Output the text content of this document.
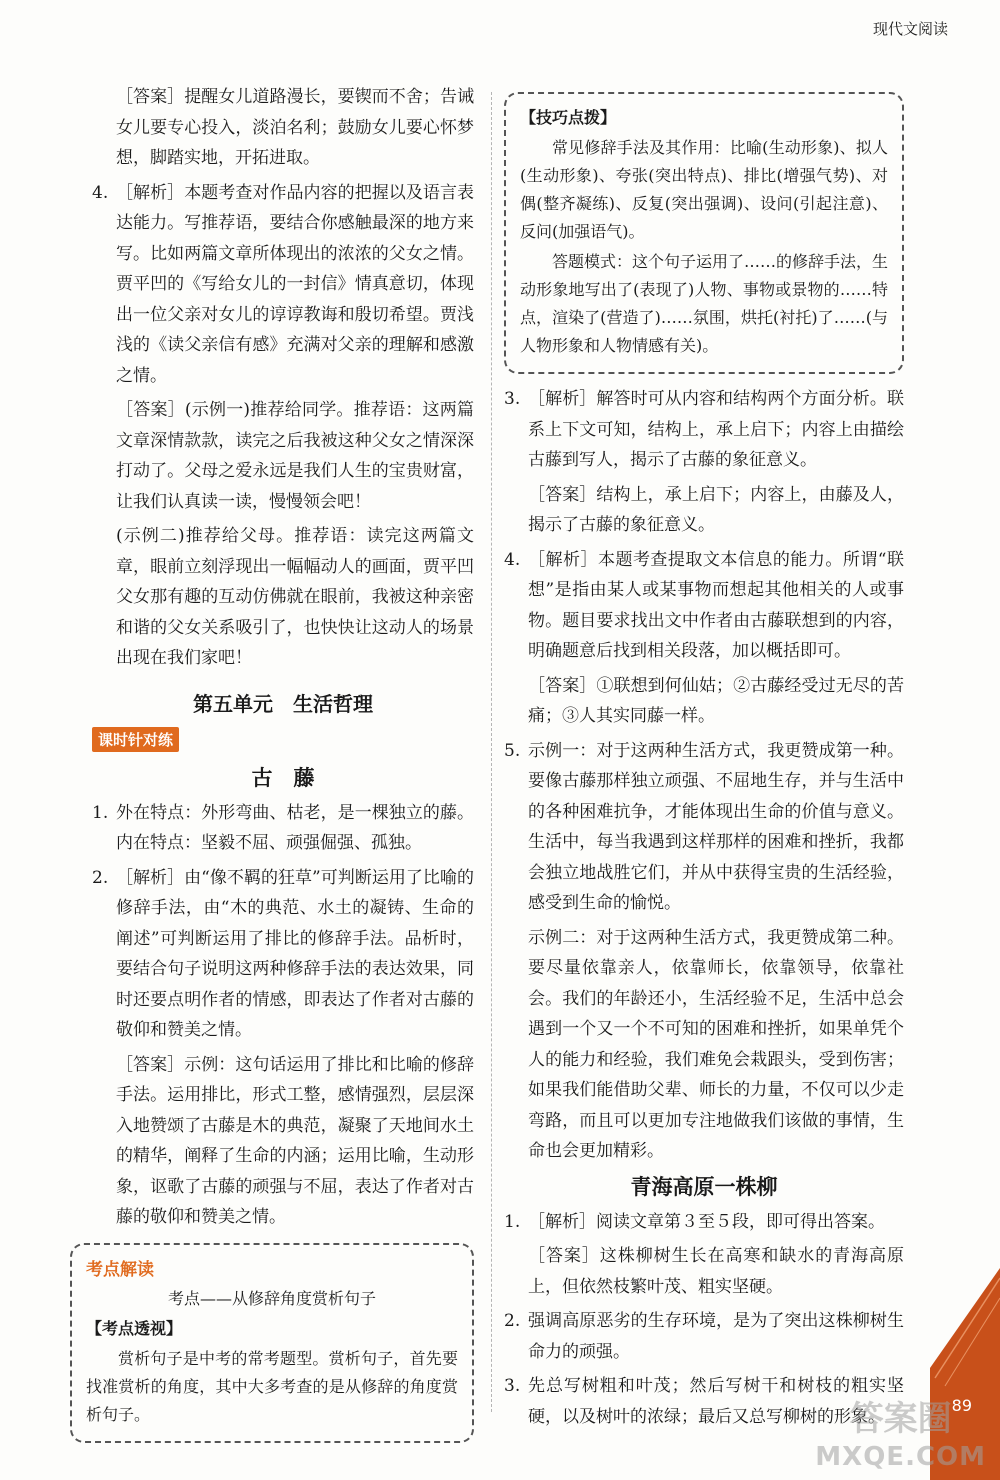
现代文阅读

［答案］提醒女儿道路漫长，要锲而不舍；告诫女儿要专心投入，淡泊名利；鼓励女儿要心怀梦想，脚踏实地，开拓进取。

4. ［解析］本题考查对作品内容的把握以及语言表达能力。写推荐语，要结合你感触最深的地方来写。比如两篇文章所体现出的浓浓的父女之情。贾平凹的《写给女儿的一封信》情真意切，体现出一位父亲对女儿的谆谆教诲和殷切希望。贾浅浅的《读父亲信有感》充满对父亲的理解和感激之情。

［答案］(示例一)推荐给同学。推荐语：这两篇文章深情款款，读完之后我被这种父女之情深深打动了。父母之爱永远是我们人生的宝贵财富，让我们认真读一读，慢慢领会吧！

(示例二)推荐给父母。推荐语：读完这两篇文章，眼前立刻浮现出一幅幅动人的画面，贾平凹父女那有趣的互动仿佛就在眼前，我被这种亲密和谐的父女关系吸引了，也快快让这动人的场景出现在我们家吧！

第五单元　生活哲理
课时针对练
古　藤
1. 外在特点：外形弯曲、枯老，是一棵独立的藤。内在特点：坚毅不屈、顽强倔强、孤独。

2. ［解析］由“像不羁的狂草”可判断运用了比喻的修辞手法，由“木的典范、水土的凝铸、生命的阐述”可判断运用了排比的修辞手法。品析时，要结合句子说明这两种修辞手法的表达效果，同时还要点明作者的情感，即表达了作者对古藤的敬仰和赞美之情。

［答案］示例：这句话运用了排比和比喻的修辞手法。运用排比，形式工整，感情强烈，层层深入地赞颂了古藤是木的典范，凝聚了天地间水土的精华，阐释了生命的内涵；运用比喻，生动形象，讴歌了古藤的顽强与不屈，表达了作者对古藤的敬仰和赞美之情。

考点解读
考点——从修辞角度赏析句子
【考点透视】

赏析句子是中考的常考题型。赏析句子，首先要找准赏析的角度，其中大多考查的是从修辞的角度赏析句子。

【技巧点拨】

常见修辞手法及其作用：比喻(生动形象)、拟人(生动形象)、夸张(突出特点)、排比(增强气势)、对偶(整齐凝练)、反复(突出强调)、设问(引起注意)、反问(加强语气)。

答题模式：这个句子运用了……的修辞手法，生动形象地写出了(表现了)人物、事物或景物的……特点，渲染了(营造了)……氛围，烘托(衬托)了……(与人物形象和人物情感有关)。

3. ［解析］解答时可从内容和结构两个方面分析。联系上下文可知，结构上，承上启下；内容上由描绘古藤到写人，揭示了古藤的象征意义。

［答案］结构上，承上启下；内容上，由藤及人，揭示了古藤的象征意义。

4. ［解析］本题考查提取文本信息的能力。所谓“联想”是指由某人或某事物而想起其他相关的人或事物。题目要求找出文中作者由古藤联想到的内容，明确题意后找到相关段落，加以概括即可。

［答案］①联想到何仙姑；②古藤经受过无尽的苦痛；③人其实同藤一样。

5. 示例一：对于这两种生活方式，我更赞成第一种。要像古藤那样独立顽强、不屈地生存，并与生活中的各种困难抗争，才能体现出生命的价值与意义。生活中，每当我遇到这样那样的困难和挫折，我都会独立地战胜它们，并从中获得宝贵的生活经验，感受到生命的愉悦。

示例二：对于这两种生活方式，我更赞成第二种。要尽量依靠亲人，依靠师长，依靠领导，依靠社会。我们的年龄还小，生活经验不足，生活中总会遇到一个又一个不可知的困难和挫折，如果单凭个人的能力和经验，我们难免会栽跟头，受到伤害；如果我们能借助父辈、师长的力量，不仅可以少走弯路，而且可以更加专注地做我们该做的事情，生命也会更加精彩。

青海高原一株柳
1. ［解析］阅读文章第３至５段，即可得出答案。

［答案］这株柳树生长在高寒和缺水的青海高原上，但依然枝繁叶茂、粗实坚硬。

2. 强调高原恶劣的生存环境，是为了突出这株柳树生命力的顽强。

3. 先总写树粗和叶茂；然后写树干和树枝的粗实坚硬，以及树叶的浓绿；最后又总写柳树的形象。

89
答案圈
MXQE.COM
